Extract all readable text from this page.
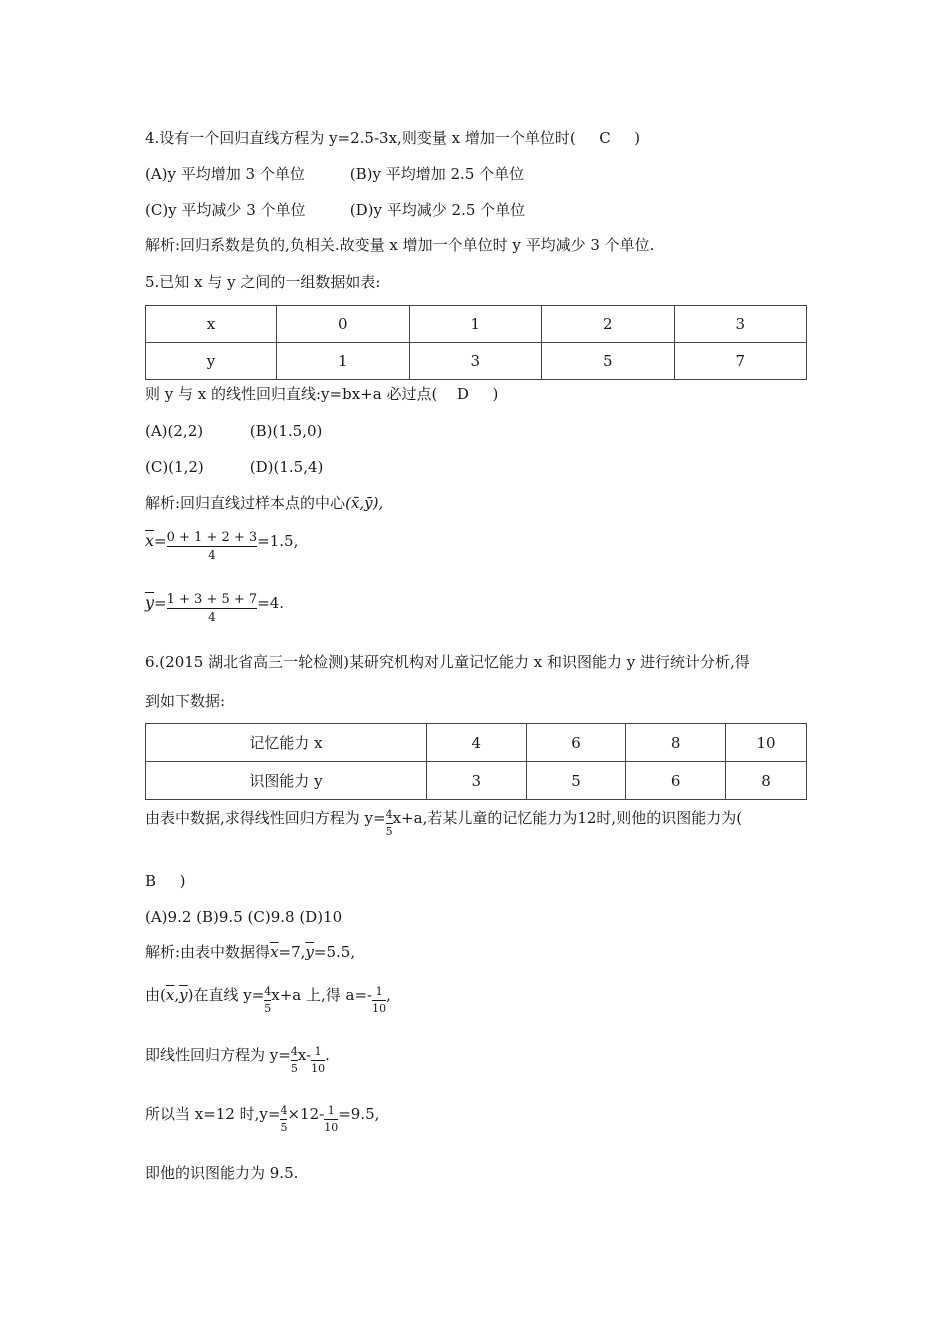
4.设有一个回归直线方程为 y=2.5-3x,则变量 x 增加一个单位时( C )
(A)y 平均增加 3 个单位	(B)y 平均增加 2.5 个单位
(C)y 平均减少 3 个单位	(D)y 平均减少 2.5 个单位
解析:回归系数是负的,负相关.故变量 x 增加一个单位时 y 平均减少 3 个单位.
5.已知 x 与 y 之间的一组数据如表:
x	0	1	2	3
y	1	3	5	7
则 y 与 x 的线性回归直线:y=bx+a 必过点( D )
(A)(2,2)	(B)(1.5,0)
(C)(1,2)	(D)(1.5,4)
解析:回归直线过样本点的中心(x̄,ȳ),
$\overline{x}= \frac{0 + 1 + 2 + 3}{4} =1.5$,
$\overline{y}= \frac{1 + 3 + 5 + 7}{4} =4$.
6.(2015 湖北省高三一轮检测)某研究机构对儿童记忆能力 x 和识图能力 y 进行统计分析,得
到如下数据:
记忆能力 x	4	6	8	10
识图能力 y	3	5	6	8
由表中数据,求得线性回归方程为 $y= \frac{4}{5} x+a$,若某儿童的记忆能力为12时,则他的识图能力为(
B )
(A)9.2 (B)9.5 (C)9.8 (D)10
解析:由表中数据得$\overline{x}=7,\overline{y}=5.5$,
由$(\overline{x},\overline{y})$在直线 $y= \frac{4}{5} x+a$ 上,得 $a=- \frac{1}{10}$ ,
即线性回归方程为 $y= \frac{4}{5} x- \frac{1}{10}$ .
所以当 x=12 时$,y= \frac{4}{5} \times 12- \frac{1}{10} =9.5$,
即他的识图能力为 9.5.
